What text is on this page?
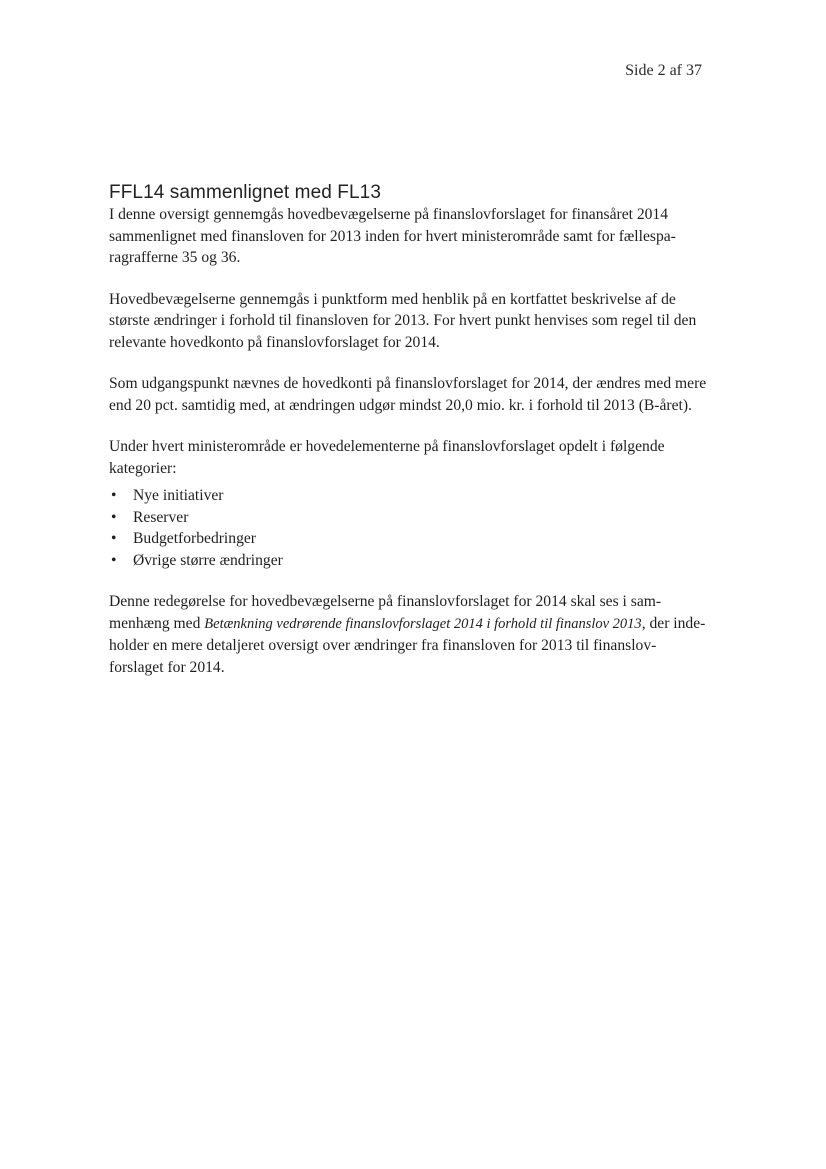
Side 2 af 37
FFL14 sammenlignet med FL13

I denne oversigt gennemgås hovedbevægelserne på finanslovforslaget for finansåret 2014 sammenlignet med finansloven for 2013 inden for hvert ministerområde samt for fællespa-ragrafferne 35 og 36.

Hovedbevægelserne gennemgås i punktform med henblik på en kortfattet beskrivelse af de største ændringer i forhold til finansloven for 2013. For hvert punkt henvises som regel til den relevante hovedkonto på finanslovforslaget for 2014.

Som udgangspunkt nævnes de hovedkonti på finanslovforslaget for 2014, der ændres med mere end 20 pct. samtidig med, at ændringen udgør mindst 20,0 mio. kr. i forhold til 2013 (B-året).

Under hvert ministerområde er hovedelementerne på finanslovforslaget opdelt i følgende kategorier:

• Nye initiativer
• Reserver
• Budgetforbedringer
• Øvrige større ændringer

Denne redegørelse for hovedbevægelserne på finanslovforslaget for 2014 skal ses i sam-menhæng med Betænkning vedrørende finanslovforslaget 2014 i forhold til finanslov 2013, der inde-holder en mere detaljeret oversigt over ændringer fra finansloven for 2013 til finanslov-forslaget for 2014.
